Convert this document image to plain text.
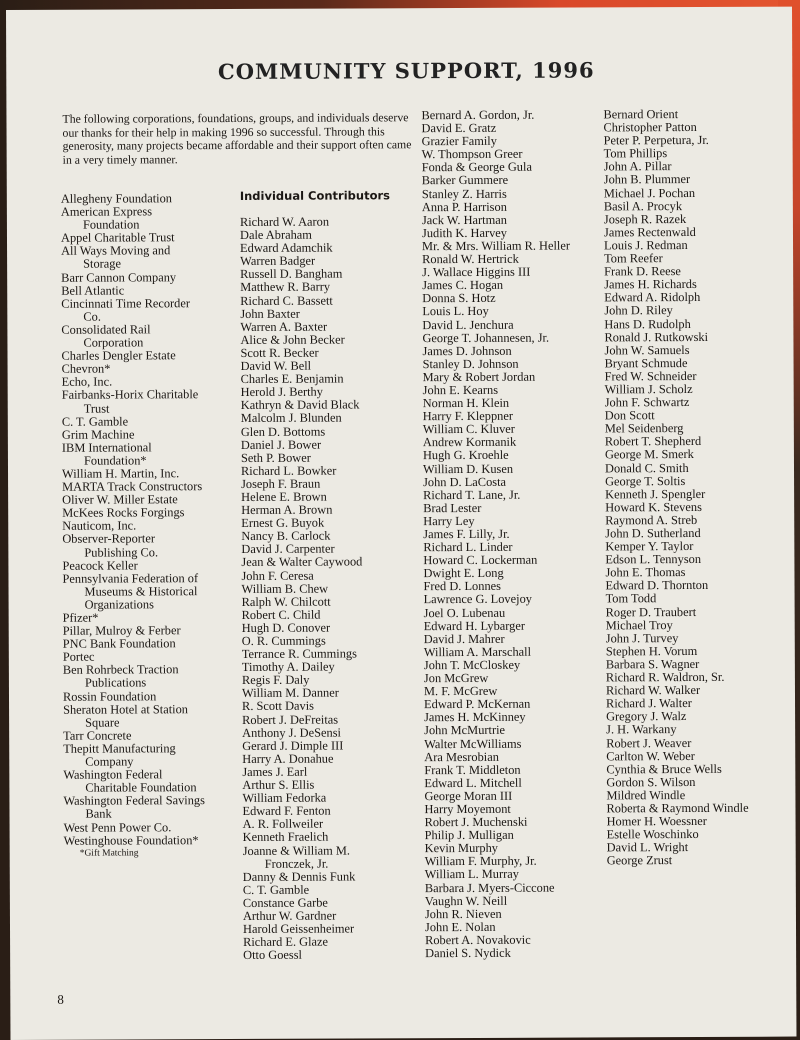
COMMUNITY SUPPORT, 1996

The following corporations, foundations, groups, and individuals deserve our thanks for their help in making 1996 so successful. Through this generosity, many projects became affordable and their support often came in a very timely manner.

Allegheny Foundation
American Express
Foundation
Appel Charitable Trust
All Ways Moving and
Storage
Barr Cannon Company
Bell Atlantic
Cincinnati Time Recorder
Co.
Consolidated Rail
Corporation
Charles Dengler Estate
Chevron*
Echo, Inc.
Fairbanks-Horix Charitable
Trust
C. T. Gamble
Grim Machine
IBM International
Foundation*
William H. Martin, Inc.
MARTA Track Constructors
Oliver W. Miller Estate
McKees Rocks Forgings
Nauticom, Inc.
Observer-Reporter
Publishing Co.
Peacock Keller
Pennsylvania Federation of
Museums & Historical
Organizations
Pfizer*
Pillar, Mulroy & Ferber
PNC Bank Foundation
Portec
Ben Rohrbeck Traction
Publications
Rossin Foundation
Sheraton Hotel at Station
Square
Tarr Concrete
Thepitt Manufacturing
Company
Washington Federal
Charitable Foundation
Washington Federal Savings
Bank
West Penn Power Co.
Westinghouse Foundation*
*Gift Matching
Individual Contributors
Richard W. Aaron
Dale Abraham
Edward Adamchik
Warren Badger
Russell D. Bangham
Matthew R. Barry
Richard C. Bassett
John Baxter
Warren A. Baxter
Alice & John Becker
Scott R. Becker
David W. Bell
Charles E. Benjamin
Herold J. Berthy
Kathryn & David Black
Malcolm J. Blunden
Glen D. Bottoms
Daniel J. Bower
Seth P. Bower
Richard L. Bowker
Joseph F. Braun
Helene E. Brown
Herman A. Brown
Ernest G. Buyok
Nancy B. Carlock
David J. Carpenter
Jean & Walter Caywood
John F. Ceresa
William B. Chew
Ralph W. Chilcott
Robert C. Child
Hugh D. Conover
O. R. Cummings
Terrance R. Cummings
Timothy A. Dailey
Regis F. Daly
William M. Danner
R. Scott Davis
Robert J. DeFreitas
Anthony J. DeSensi
Gerard J. Dimple III
Harry A. Donahue
James J. Earl
Arthur S. Ellis
William Fedorka
Edward F. Fenton
A. R. Follweiler
Kenneth Fraelich
Joanne & William M.
Fronczek, Jr.
Danny & Dennis Funk
C. T. Gamble
Constance Garbe
Arthur W. Gardner
Harold Geissenheimer
Richard E. Glaze
Otto Goessl
Bernard A. Gordon, Jr.
David E. Gratz
Grazier Family
W. Thompson Greer
Fonda & George Gula
Barker Gummere
Stanley Z. Harris
Anna P. Harrison
Jack W. Hartman
Judith K. Harvey
Mr. & Mrs. William R. Heller
Ronald W. Hertrick
J. Wallace Higgins III
James C. Hogan
Donna S. Hotz
Louis L. Hoy
David L. Jenchura
George T. Johannesen, Jr.
James D. Johnson
Stanley D. Johnson
Mary & Robert Jordan
John E. Kearns
Norman H. Klein
Harry F. Kleppner
William C. Kluver
Andrew Kormanik
Hugh G. Kroehle
William D. Kusen
John D. LaCosta
Richard T. Lane, Jr.
Brad Lester
Harry Ley
James F. Lilly, Jr.
Richard L. Linder
Howard C. Lockerman
Dwight E. Long
Fred D. Lonnes
Lawrence G. Lovejoy
Joel O. Lubenau
Edward H. Lybarger
David J. Mahrer
William A. Marschall
John T. McCloskey
Jon McGrew
M. F. McGrew
Edward P. McKernan
James H. McKinney
John McMurtrie
Walter McWilliams
Ara Mesrobian
Frank T. Middleton
Edward L. Mitchell
George Moran III
Harry Moyemont
Robert J. Muchenski
Philip J. Mulligan
Kevin Murphy
William F. Murphy, Jr.
William L. Murray
Barbara J. Myers-Ciccone
Vaughn W. Neill
John R. Nieven
John E. Nolan
Robert A. Novakovic
Daniel S. Nydick
Bernard Orient
Christopher Patton
Peter P. Perpetura, Jr.
Tom Phillips
John A. Pillar
John B. Plummer
Michael J. Pochan
Basil A. Procyk
Joseph R. Razek
James Rectenwald
Louis J. Redman
Tom Reefer
Frank D. Reese
James H. Richards
Edward A. Ridolph
John D. Riley
Hans D. Rudolph
Ronald J. Rutkowski
John W. Samuels
Bryant Schmude
Fred W. Schneider
William J. Scholz
John F. Schwartz
Don Scott
Mel Seidenberg
Robert T. Shepherd
George M. Smerk
Donald C. Smith
George T. Soltis
Kenneth J. Spengler
Howard K. Stevens
Raymond A. Streb
John D. Sutherland
Kemper Y. Taylor
Edson L. Tennyson
John E. Thomas
Edward D. Thornton
Tom Todd
Roger D. Traubert
Michael Troy
John J. Turvey
Stephen H. Vorum
Barbara S. Wagner
Richard R. Waldron, Sr.
Richard W. Walker
Richard J. Walter
Gregory J. Walz
J. H. Warkany
Robert J. Weaver
Carlton W. Weber
Cynthia & Bruce Wells
Gordon S. Wilson
Mildred Windle
Roberta & Raymond Windle
Homer H. Woessner
Estelle Woschinko
David L. Wright
George Zrust

8
